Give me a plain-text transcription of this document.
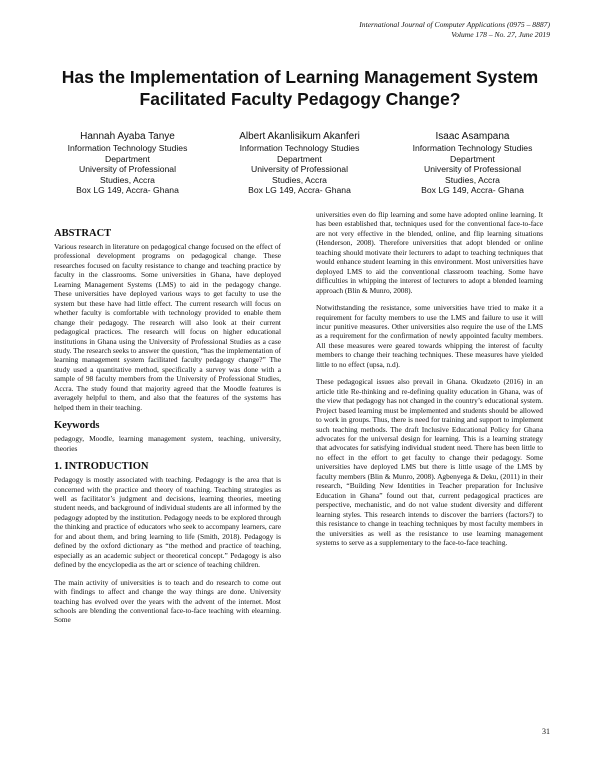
International Journal of Computer Applications (0975 – 8887)
Volume 178 – No. 27, June 2019
Has the Implementation of Learning Management System
Facilitated Faculty Pedagogy Change?
Hannah Ayaba Tanye
Information Technology Studies
Department
University of Professional
Studies, Accra
Box LG 149, Accra- Ghana
Albert Akanlisikum Akanferi
Information Technology Studies
Department
University of Professional
Studies, Accra
Box LG 149, Accra- Ghana
Isaac Asampana
Information Technology Studies
Department
University of Professional
Studies, Accra
Box LG 149, Accra- Ghana
ABSTRACT

Various research in literature on pedagogical change focused on the effect of professional development programs on pedagogical change. These researches focused on faculty resistance to change and teaching practice by faculty in the classrooms. Some universities in Ghana, have deployed Learning Management Systems (LMS) to aid in the pedagogy change. These universities have deployed various ways to get faculty to use the system but these have had little effect. The current research will focus on whether faculty is comfortable with technology provided to enable them change their pedagogy. The research will also look at their current pedagogical practices. The research will focus on higher educational institutions in Ghana using the University of Professional Studies as a case study. The research seeks to answer the question, “has the implementation of learning management system facilitated faculty pedagogy change?” The study used a quantitative method, specifically a survey was done with a sample of 98 faculty members from the University of Professional Studies, Accra. The study found that majority agreed that the Moodle features is averagely helpful to them, and also that the features of the systems has helped them in their teaching.

Keywords

pedagogy, Moodle, learning management system, teaching, university, theories

1. INTRODUCTION

Pedagogy is mostly associated with teaching. Pedagogy is the area that is concerned with the practice and theory of teaching. Teaching strategies as well as facilitator’s judgment and decisions, learning theories, meeting student needs, and background of individual students are all informed by the pedagogy adopted by the institution. Pedagogy needs to be explored through the thinking and practice of educators who seek to accompany learners, care for and about them, and bring learning to life (Smith, 2018). Pedagogy is defined by the oxford dictionary as “the method and practice of teaching, especially as an academic subject or theoretical concept.” Pedagogy is also defined by the encyclopedia as the art or science of teaching children.

The main activity of universities is to teach and do research to come out with findings to affect and change the way things are done. University teaching has evolved over the years with the advent of the internet. Most schools are blending the conventional face-to-face teaching with elearning. Some

universities even do flip learning and some have adopted online learning. It has been established that, techniques used for the conventional face-to-face are not very effective in the blended, online, and flip learning situations (Henderson, 2008). Therefore universities that adopt blended or online teaching should motivate their lecturers to adapt to teaching techniques that would enhance student learning in this environment. Most universities have deployed LMS to aid the conventional classroom teaching. Some have difficulties in whipping the interest of lecturers to adopt a blended learning approach (Blin & Munro, 2008).

Notwithstanding the resistance, some universities have tried to make it a requirement for faculty members to use the LMS and failure to use it will incur punitive measures. Other universities also require the use of the LMS as a requirement for the confirmation of newly appointed faculty members. All these measures were geared towards whipping the interest of faculty members to change their teaching techniques. These measures have yielded little to no effect (upsa, n.d).

These pedagogical issues also prevail in Ghana. Okudzeto (2016) in an article title Re-thinking and re-defining quality education in Ghana, was of the view that pedagogy has not changed in the country’s educational system. Project based learning must be implemented and students should be allowed to work in groups. Thus, there is need for training and support to implement such teaching methods. The draft Inclusive Educational Policy for Ghana advocates for the universal design for learning. This is a learning strategy that advocates for satisfying individual student need. There has been little to no effect in the effort to get faculty to change their pedagogy. Some universities have deployed LMS but there is little usage of the LMS by faculty members (Blin & Munro, 2008). Agbenyega & Deku, (2011) in their research, “Building New Identities in Teacher preparation for Inclusive Education in Ghana” found out that, current pedagogical practices are perspective, mechanistic, and do not value student diversity and different learning styles. This research intends to discover the barriers (factors?) to this resistance to change in teaching techniques by most faculty members in the universities as well as the resistance to use learning management systems to serve as a supplementary to the face-to-face teaching.

31
